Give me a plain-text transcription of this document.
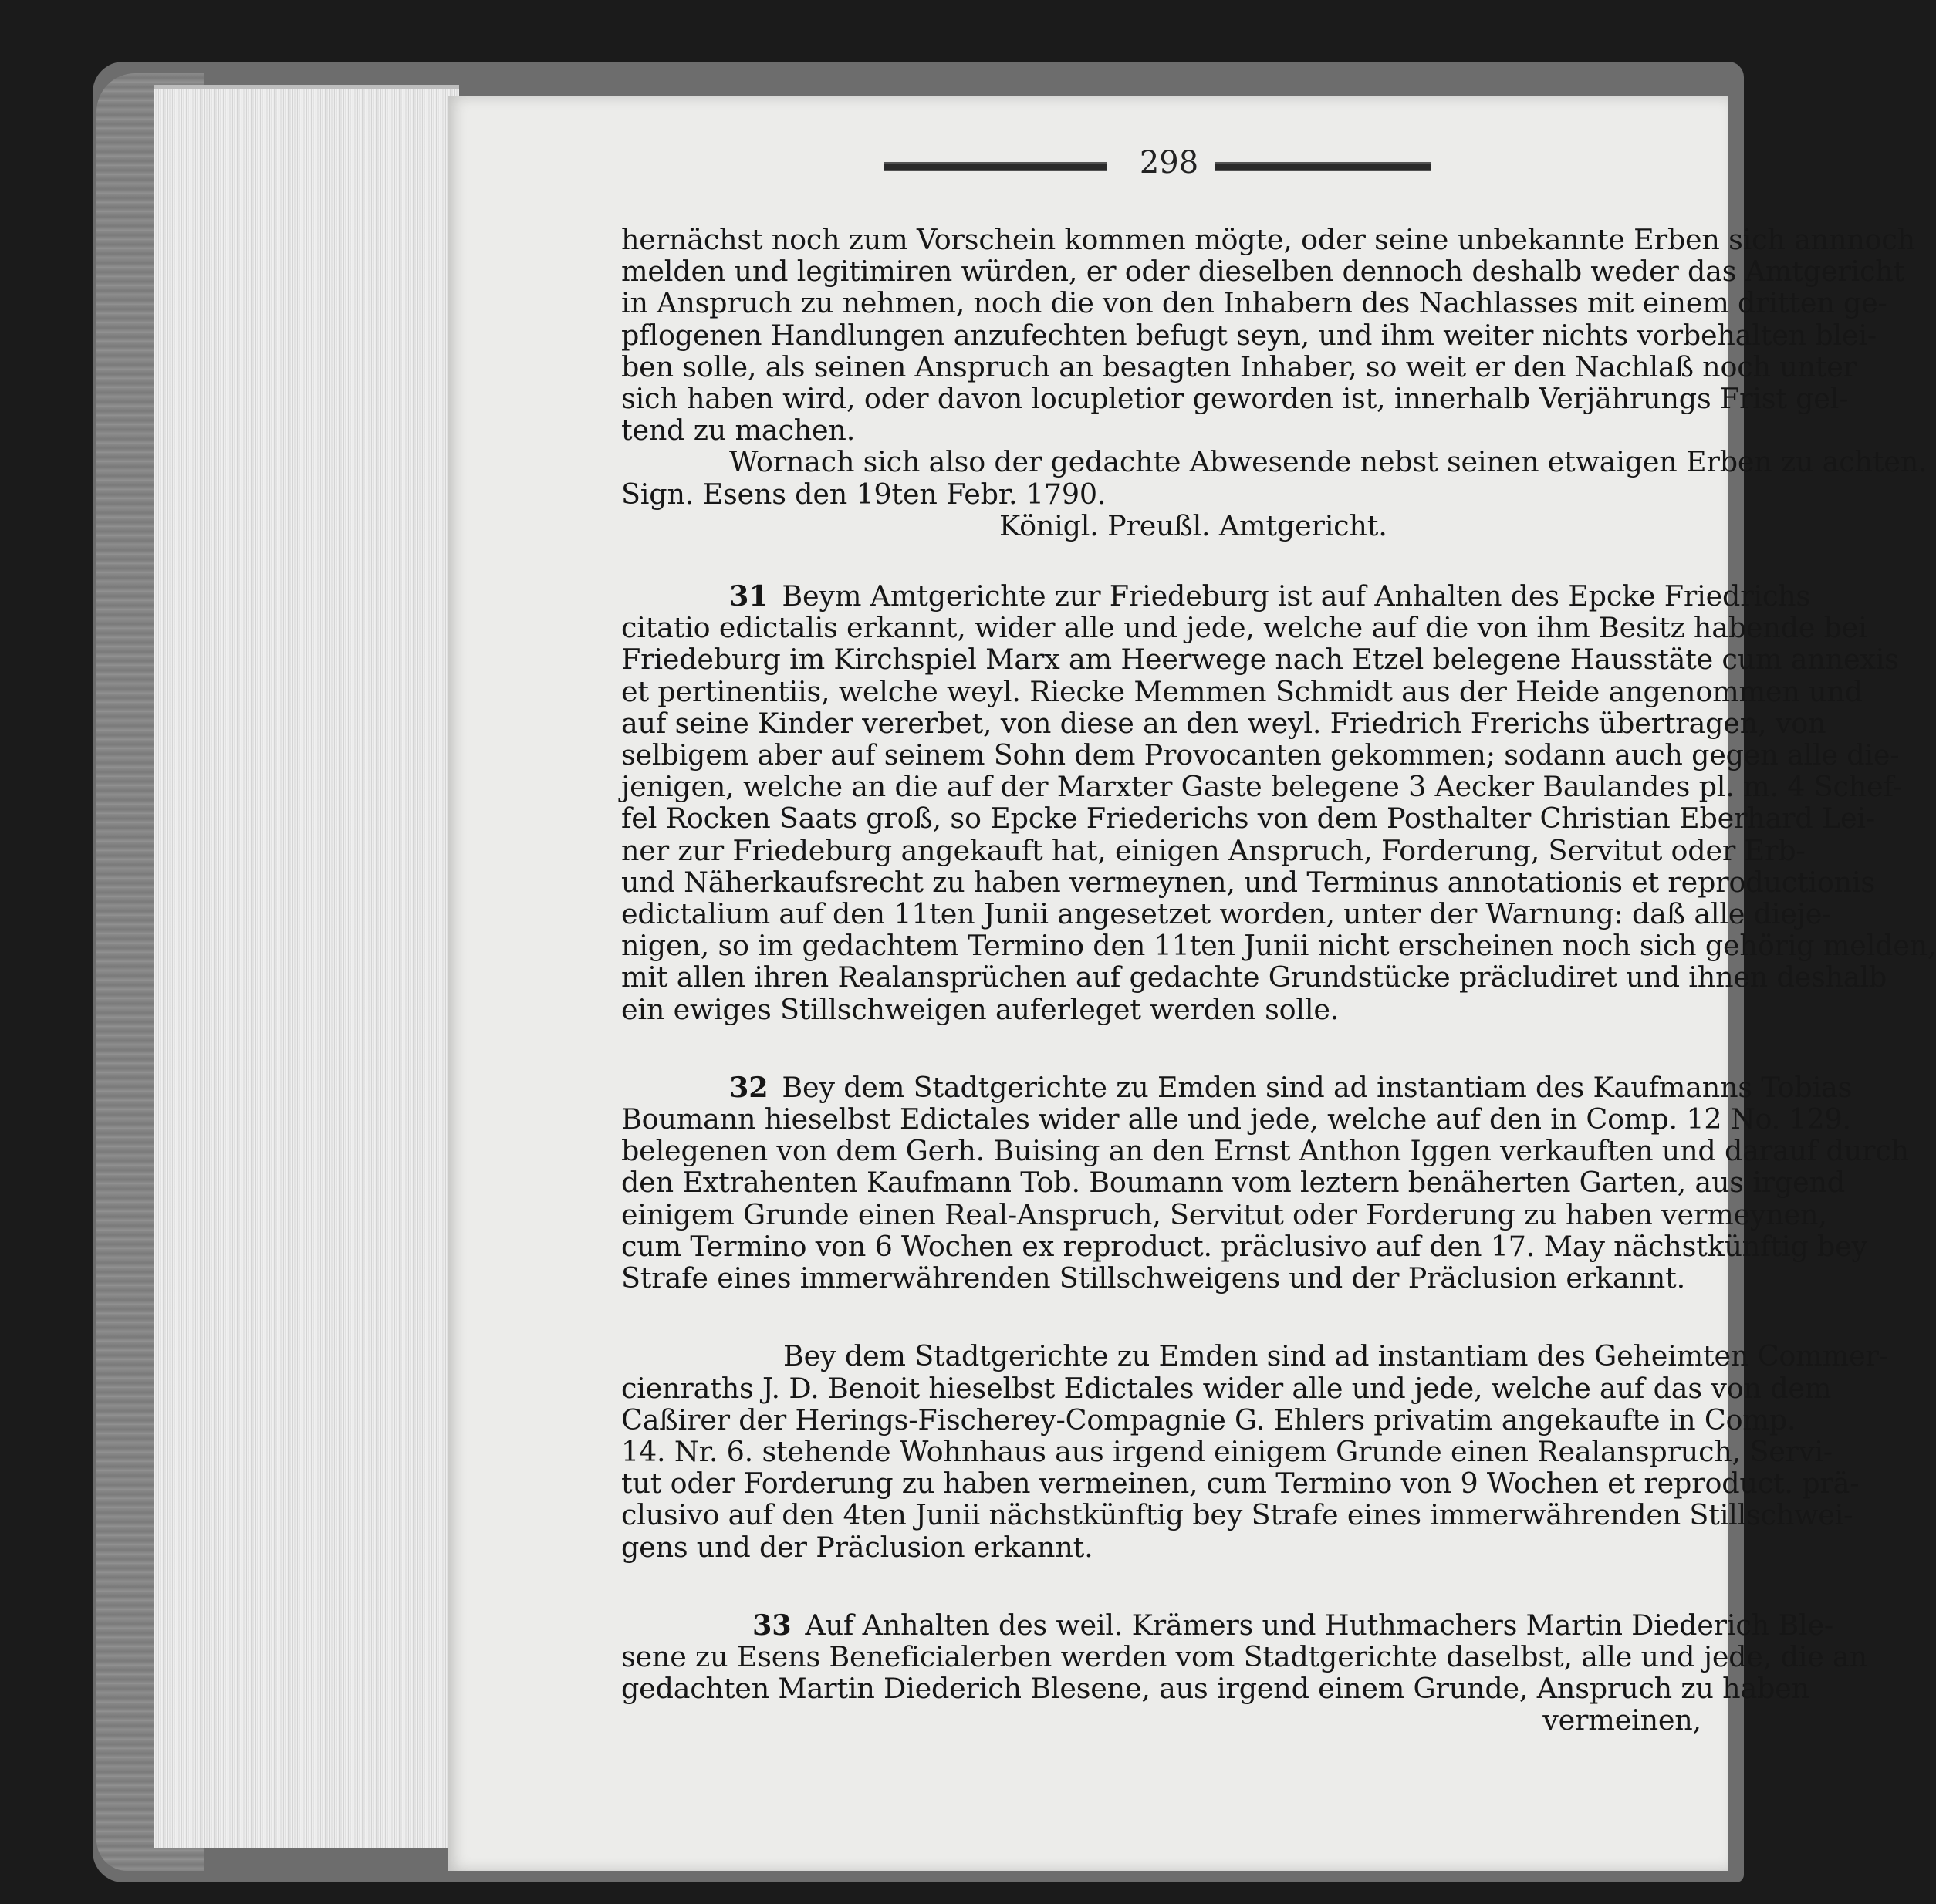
298

hernächst noch zum Vorschein kommen mögte, oder seine unbekannte Erben sich annnoch
melden und legitimiren würden, er oder dieselben dennoch deshalb weder das Amtgericht
in Anspruch zu nehmen, noch die von den Inhabern des Nachlasses mit einem dritten ge-
pflogenen Handlungen anzufechten befugt seyn, und ihm weiter nichts vorbehalten blei-
ben solle, als seinen Anspruch an besagten Inhaber, so weit er den Nachlaß noch unter
sich haben wird, oder davon locupletior geworden ist, innerhalb Verjährungs Frist gel-
tend zu machen.

Wornach sich also der gedachte Abwesende nebst seinen etwaigen Erben zu achten.
Sign. Esens den 19ten Febr. 1790.

Königl. Preußl. Amtgericht.

31 Beym Amtgerichte zur Friedeburg ist auf Anhalten des Epcke Friedrichs
citatio edictalis erkannt, wider alle und jede, welche auf die von ihm Besitz habende bei
Friedeburg im Kirchspiel Marx am Heerwege nach Etzel belegene Hausstäte cum annexis
et pertinentiis, welche weyl. Riecke Memmen Schmidt aus der Heide angenommen und
auf seine Kinder vererbet, von diese an den weyl. Friedrich Frerichs übertragen, von
selbigem aber auf seinem Sohn dem Provocanten gekommen; sodann auch gegen alle die-
jenigen, welche an die auf der Marxter Gaste belegene 3 Aecker Baulandes pl. m. 4 Schef-
fel Rocken Saats groß, so Epcke Friederichs von dem Posthalter Christian Eberhard Lei-
ner zur Friedeburg angekauft hat, einigen Anspruch, Forderung, Servitut oder Erb-
und Näherkaufsrecht zu haben vermeynen, und Terminus annotationis et reproductionis
edictalium auf den 11ten Junii angesetzet worden, unter der Warnung: daß alle dieje-
nigen, so im gedachtem Termino den 11ten Junii nicht erscheinen noch sich gehörig melden,
mit allen ihren Realansprüchen auf gedachte Grundstücke präcludiret und ihnen deshalb
ein ewiges Stillschweigen auferleget werden solle.
32 Bey dem Stadtgerichte zu Emden sind ad instantiam des Kaufmanns Tobias
Boumann hieselbst Edictales wider alle und jede, welche auf den in Comp. 12 No. 129.
belegenen von dem Gerh. Buising an den Ernst Anthon Iggen verkauften und darauf durch
den Extrahenten Kaufmann Tob. Boumann vom leztern benäherten Garten, aus irgend
einigem Grunde einen Real-Anspruch, Servitut oder Forderung zu haben vermeynen,
cum Termino von 6 Wochen ex reproduct. präclusivo auf den 17. May nächstkünftig bey
Strafe eines immerwährenden Stillschweigens und der Präclusion erkannt.
Bey dem Stadtgerichte zu Emden sind ad instantiam des Geheimten Commer-
cienraths J. D. Benoit hieselbst Edictales wider alle und jede, welche auf das von dem
Caßirer der Herings-Fischerey-Compagnie G. Ehlers privatim angekaufte in Comp.
14. Nr. 6. stehende Wohnhaus aus irgend einigem Grunde einen Realanspruch, Servi-
tut oder Forderung zu haben vermeinen, cum Termino von 9 Wochen et reproduct. prä-
clusivo auf den 4ten Junii nächstkünftig bey Strafe eines immerwährenden Stillschwei-
gens und der Präclusion erkannt.
33 Auf Anhalten des weil. Krämers und Huthmachers Martin Diederich Ble-
sene zu Esens Beneficialerben werden vom Stadtgerichte daselbst, alle und jede, die an
gedachten Martin Diederich Blesene, aus irgend einem Grunde, Anspruch zu haben
vermeinen,
